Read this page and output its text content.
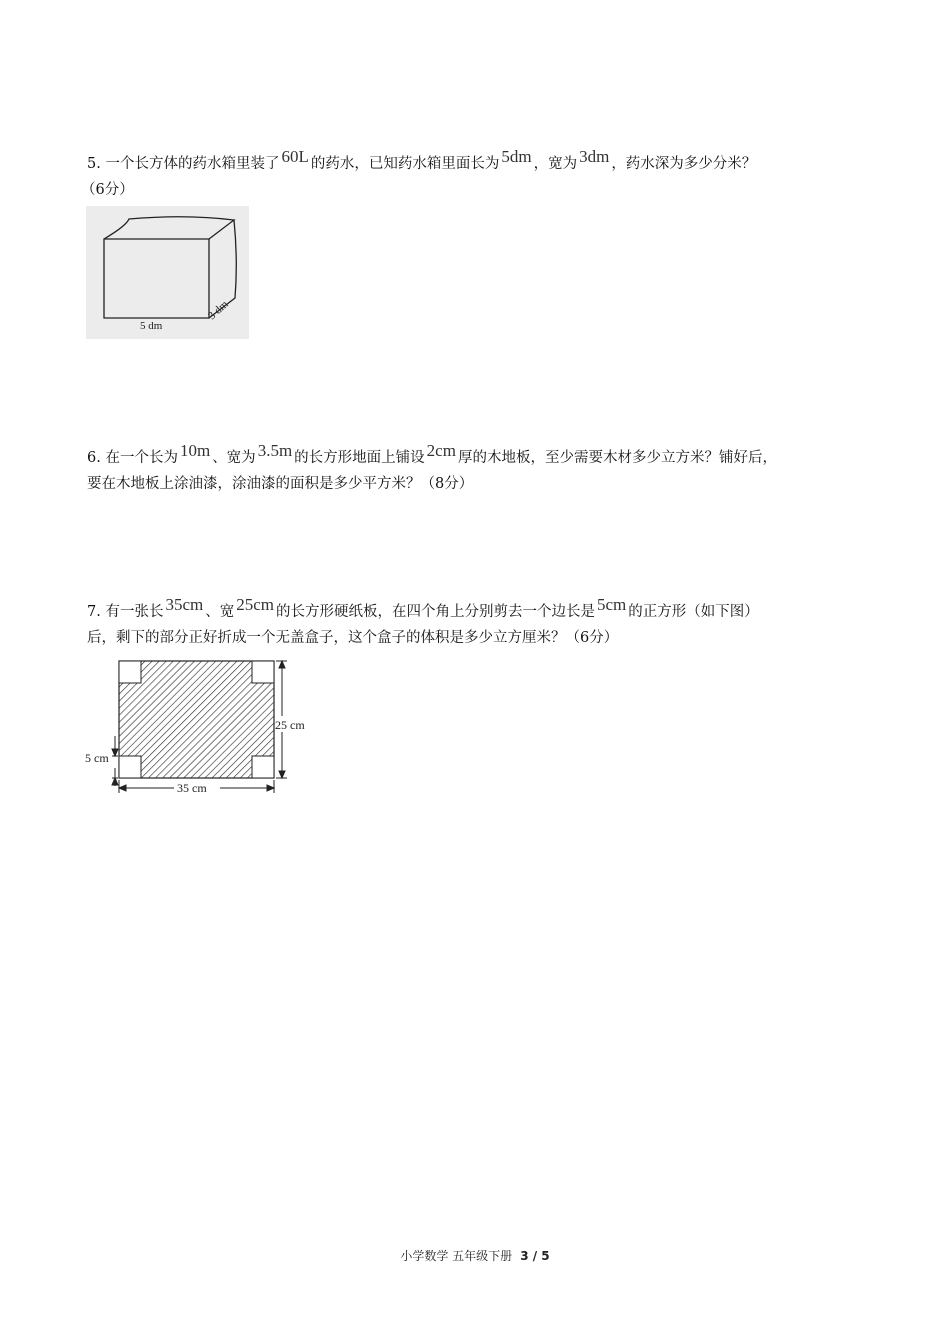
5. 一个长方体的药水箱里装了 60L 的药水，已知药水箱里面长为 5dm ，宽为 3dm ，药水深为多少分米？
（6分）
5 dm
3 dm
6. 在一个长为 10m 、宽为 3.5m 的长方形地面上铺设 2cm 厚的木地板，至少需要木材多少立方米？铺好后，
要在木地板上涂油漆，涂油漆的面积是多少平方米？（8分）
7. 有一张长 35cm 、宽 25cm 的长方形硬纸板，在四个角上分别剪去一个边长是 5cm 的正方形（如下图）
后，剩下的部分正好折成一个无盖盒子，这个盒子的体积是多少立方厘米？（6分）
25 cm
5 cm
35 cm
小学数学 五年级下册 3 / 5
